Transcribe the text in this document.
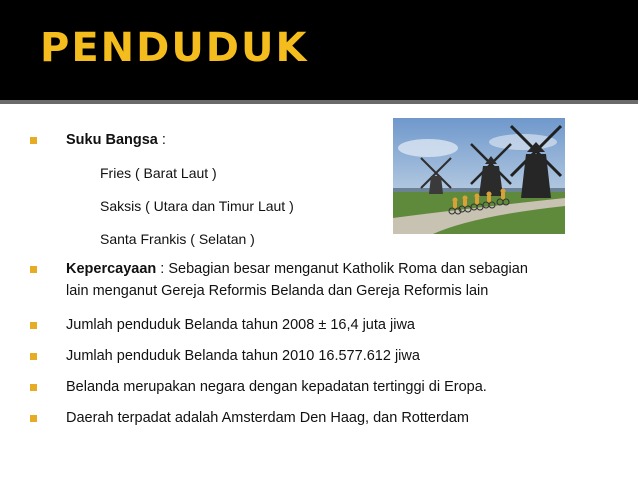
PENDUDUK

Suku Bangsa :

Fries ( Barat Laut )

Saksis ( Utara dan Timur Laut )

Santa Frankis ( Selatan )

Kepercayaan : Sebagian besar menganut Katholik Roma dan sebagian

lain menganut Gereja Reformis Belanda dan Gereja Reformis lain

Jumlah penduduk Belanda tahun 2008 ± 16,4 juta jiwa

Jumlah penduduk Belanda tahun 2010 16.577.612 jiwa

Belanda merupakan negara dengan kepadatan tertinggi di Eropa.

Daerah terpadat adalah Amsterdam Den Haag, dan Rotterdam
